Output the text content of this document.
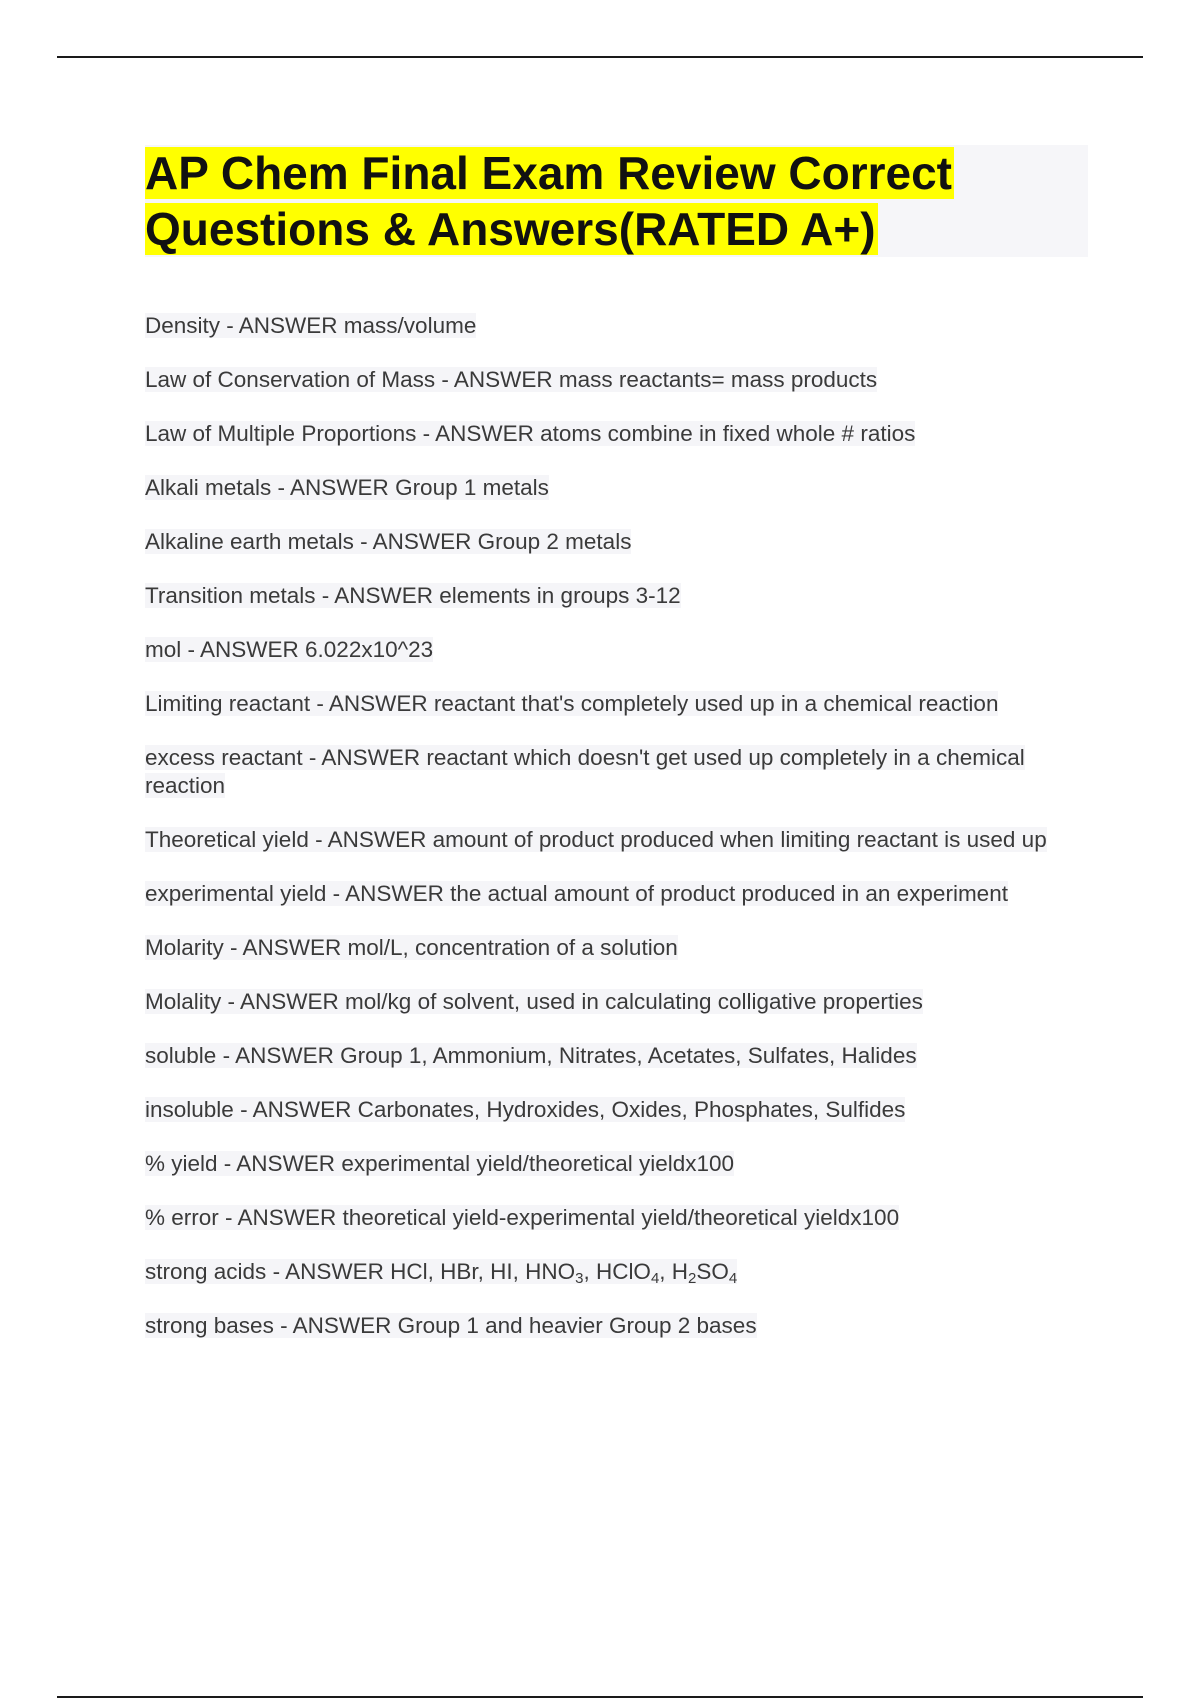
AP Chem Final Exam Review Correct
Questions & Answers(RATED A+)
Density - ANSWER mass/volume
Law of Conservation of Mass - ANSWER mass reactants= mass products
Law of Multiple Proportions - ANSWER atoms combine in fixed whole # ratios
Alkali metals - ANSWER Group 1 metals
Alkaline earth metals - ANSWER Group 2 metals
Transition metals - ANSWER elements in groups 3-12
mol - ANSWER 6.022x10^23
Limiting reactant - ANSWER reactant that's completely used up in a chemical reaction
excess reactant - ANSWER reactant which doesn't get used up completely in a chemical reaction
Theoretical yield - ANSWER amount of product produced when limiting reactant is used up
experimental yield - ANSWER the actual amount of product produced in an experiment
Molarity - ANSWER mol/L, concentration of a solution
Molality - ANSWER mol/kg of solvent, used in calculating colligative properties
soluble - ANSWER Group 1, Ammonium, Nitrates, Acetates, Sulfates, Halides
insoluble - ANSWER Carbonates, Hydroxides, Oxides, Phosphates, Sulfides
% yield - ANSWER experimental yield/theoretical yieldx100
% error - ANSWER theoretical yield-experimental yield/theoretical yieldx100
strong acids - ANSWER HCl, HBr, HI, $HNO_3$, HClO$_4$, $H_2SO_4$
strong bases - ANSWER Group 1 and heavier Group 2 bases
